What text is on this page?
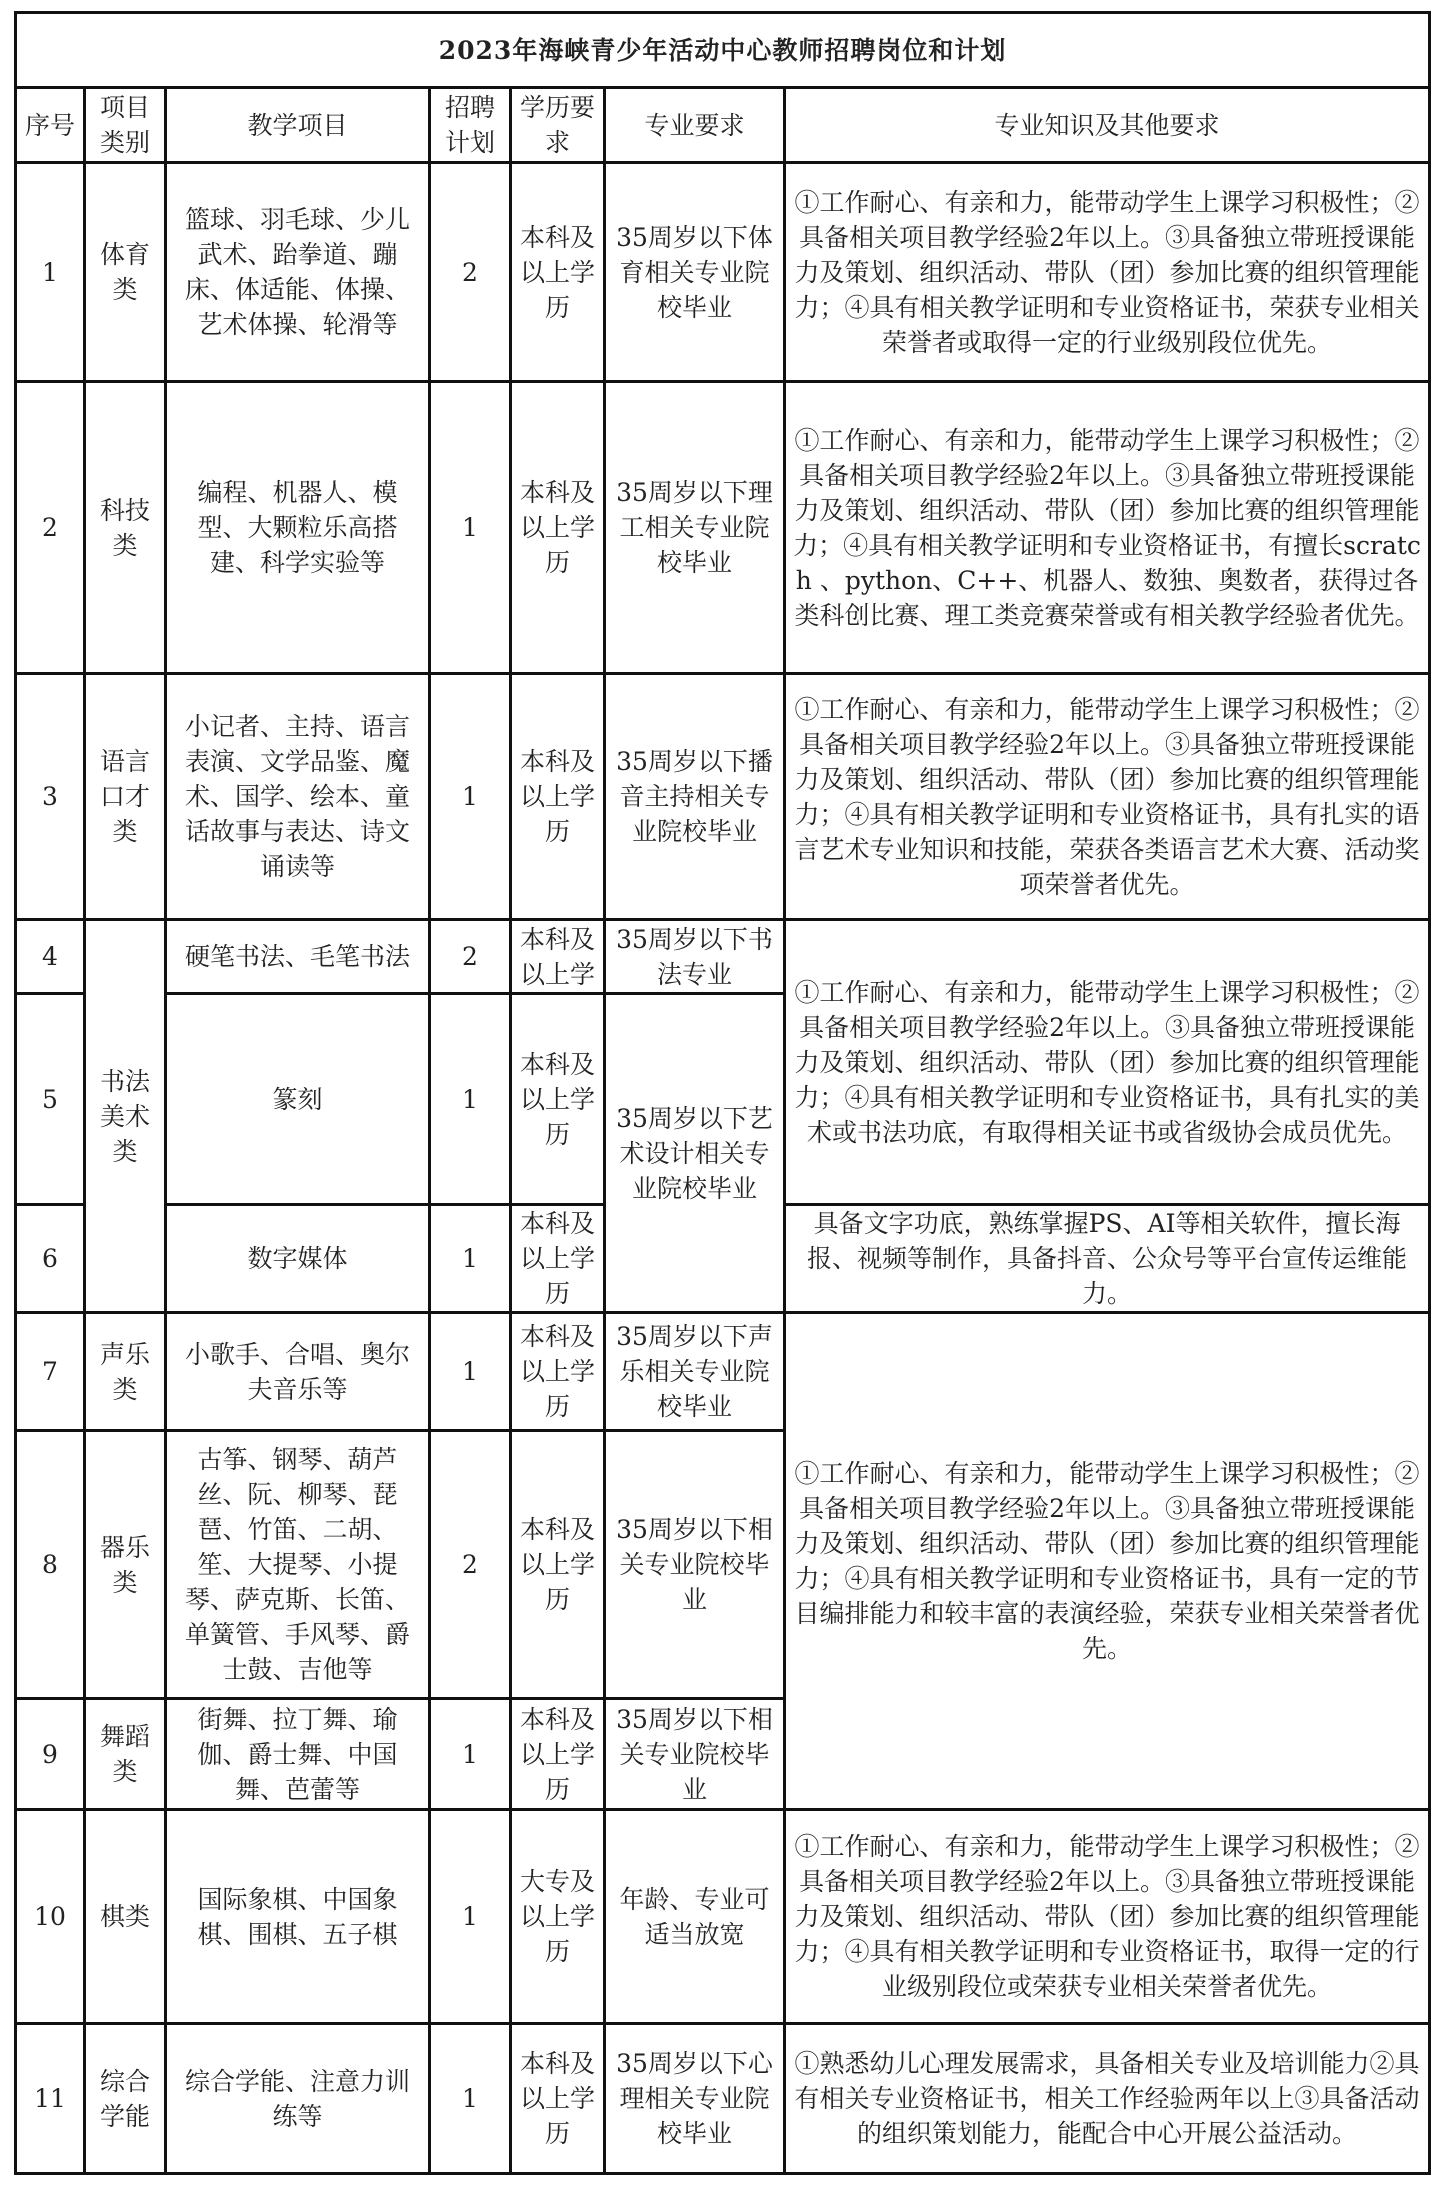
2023年海峡青少年活动中心教师招聘岗位和计划						
序号	项目类别	教学项目	招聘计划	学历要求	专业要求	专业知识及其他要求
1	体育类	篮球、羽毛球、少儿武术、跆拳道、蹦床、体适能、体操、艺术体操、轮滑等	2	本科及以上学历	35周岁以下体育相关专业院校毕业	①工作耐心、有亲和力，能带动学生上课学习积极性；②具备相关项目教学经验2年以上。③具备独立带班授课能力及策划、组织活动、带队（团）参加比赛的组织管理能力；④具有相关教学证明和专业资格证书，荣获专业相关荣誉者或取得一定的行业级别段位优先。
2	科技类	编程、机器人、模型、大颗粒乐高搭建、科学实验等	1	本科及以上学历	35周岁以下理工相关专业院校毕业	①工作耐心、有亲和力，能带动学生上课学习积极性；②具备相关项目教学经验2年以上。③具备独立带班授课能力及策划、组织活动、带队（团）参加比赛的组织管理能力；④具有相关教学证明和专业资格证书，有擅长scratch 、python、C++、机器人、数独、奥数者，获得过各类科创比赛、理工类竞赛荣誉或有相关教学经验者优先。
3	语言口才类	小记者、主持、语言表演、文学品鉴、魔术、国学、绘本、童话故事与表达、诗文诵读等	1	本科及以上学历	35周岁以下播音主持相关专业院校毕业	①工作耐心、有亲和力，能带动学生上课学习积极性；②具备相关项目教学经验2年以上。③具备独立带班授课能力及策划、组织活动、带队（团）参加比赛的组织管理能力；④具有相关教学证明和专业资格证书，具有扎实的语言艺术专业知识和技能，荣获各类语言艺术大赛、活动奖项荣誉者优先。
4	书法美术类	硬笔书法、毛笔书法	2	本科及以上学	35周岁以下书法专业	①工作耐心、有亲和力，能带动学生上课学习积极性；②具备相关项目教学经验2年以上。③具备独立带班授课能力及策划、组织活动、带队（团）参加比赛的组织管理能力；④具有相关教学证明和专业资格证书，具有扎实的美术或书法功底，有取得相关证书或省级协会成员优先。
5		篆刻	1	本科及以上学历	35周岁以下艺术设计相关专业院校毕业	
6		数字媒体	1	本科及以上学历		具备文字功底，熟练掌握PS、AI等相关软件，擅长海报、视频等制作，具备抖音、公众号等平台宣传运维能力。
7	声乐类	小歌手、合唱、奥尔夫音乐等	1	本科及以上学历	35周岁以下声乐相关专业院校毕业	①工作耐心、有亲和力，能带动学生上课学习积极性；②具备相关项目教学经验2年以上。③具备独立带班授课能力及策划、组织活动、带队（团）参加比赛的组织管理能力；④具有相关教学证明和专业资格证书，具有一定的节目编排能力和较丰富的表演经验，荣获专业相关荣誉者优先。
8	器乐类	古筝、钢琴、葫芦丝、阮、柳琴、琵琶、竹笛、二胡、笙、大提琴、小提琴、萨克斯、长笛、单簧管、手风琴、爵士鼓、吉他等	2	本科及以上学历	35周岁以下相关专业院校毕业	
9	舞蹈类	街舞、拉丁舞、瑜伽、爵士舞、中国舞、芭蕾等	1	本科及以上学历	35周岁以下相关专业院校毕业	
10	棋类	国际象棋、中国象棋、围棋、五子棋	1	大专及以上学历	年龄、专业可适当放宽	①工作耐心、有亲和力，能带动学生上课学习积极性；②具备相关项目教学经验2年以上。③具备独立带班授课能力及策划、组织活动、带队（团）参加比赛的组织管理能力；④具有相关教学证明和专业资格证书，取得一定的行业级别段位或荣获专业相关荣誉者优先。
11	综合学能	综合学能、注意力训练等	1	本科及以上学历	35周岁以下心理相关专业院校毕业	①熟悉幼儿心理发展需求，具备相关专业及培训能力②具有相关专业资格证书，相关工作经验两年以上③具备活动的组织策划能力，能配合中心开展公益活动。
